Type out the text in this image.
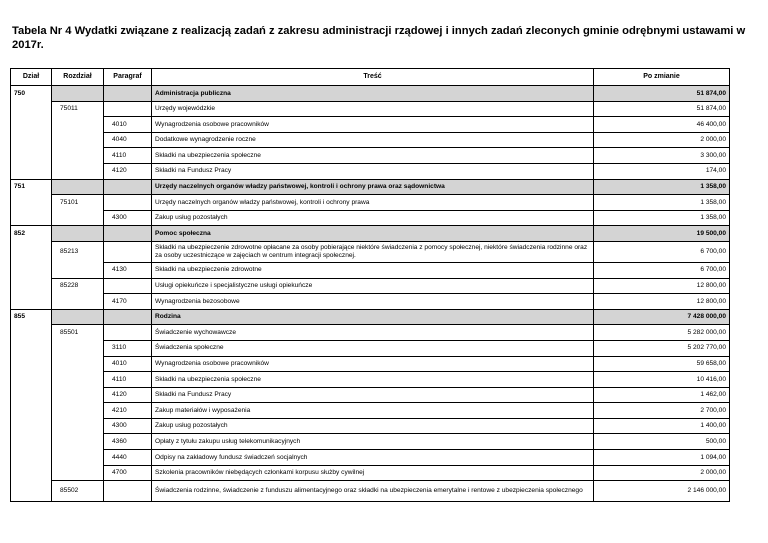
Tabela Nr 4 Wydatki związane z realizacją zadań z zakresu administracji rządowej i innych zadań zleconych gminie odrębnymi ustawami w 2017r.
Dział	Rozdział	Paragraf	Treść	Po zmianie
750			Administracja publiczna	51 874,00
	75011		Urzędy wojewódzkie	51 874,00
		4010	Wynagrodzenia osobowe pracowników	46 400,00
		4040	Dodatkowe wynagrodzenie roczne	2 000,00
		4110	Składki na ubezpieczenia społeczne	3 300,00
		4120	Składki na Fundusz Pracy	174,00
751			Urzędy naczelnych organów władzy państwowej, kontroli i ochrony prawa oraz sądownictwa	1 358,00
	75101		Urzędy naczelnych organów władzy państwowej, kontroli i ochrony prawa	1 358,00
		4300	Zakup usług pozostałych	1 358,00
852			Pomoc społeczna	19 500,00
	85213		Składki na ubezpieczenie zdrowotne opłacane za osoby pobierające niektóre świadczenia z pomocy społecznej, niektóre świadczenia rodzinne oraz za osoby uczestniczące w zajęciach w centrum integracji społecznej.	6 700,00
		4130	Składki na ubezpieczenie zdrowotne	6 700,00
	85228		Usługi opiekuńcze i specjalistyczne usługi opiekuńcze	12 800,00
		4170	Wynagrodzenia bezosobowe	12 800,00
855			Rodzina	7 428 000,00
	85501		Świadczenie wychowawcze	5 282 000,00
		3110	Świadczenia społeczne	5 202 770,00
		4010	Wynagrodzenia osobowe pracowników	59 658,00
		4110	Składki na ubezpieczenia społeczne	10 416,00
		4120	Składki na Fundusz Pracy	1 462,00
		4210	Zakup materiałów i wyposażenia	2 700,00
		4300	Zakup usług pozostałych	1 400,00
		4360	Opłaty z tytułu zakupu usług telekomunikacyjnych	500,00
		4440	Odpisy na zakładowy fundusz świadczeń socjalnych	1 094,00
		4700	Szkolenia pracowników niebędących członkami korpusu służby cywilnej	2 000,00
	85502		Świadczenia rodzinne, świadczenie z funduszu alimentacyjnego oraz składki na ubezpieczenia emerytalne i rentowe z ubezpieczenia społecznego	2 146 000,00
